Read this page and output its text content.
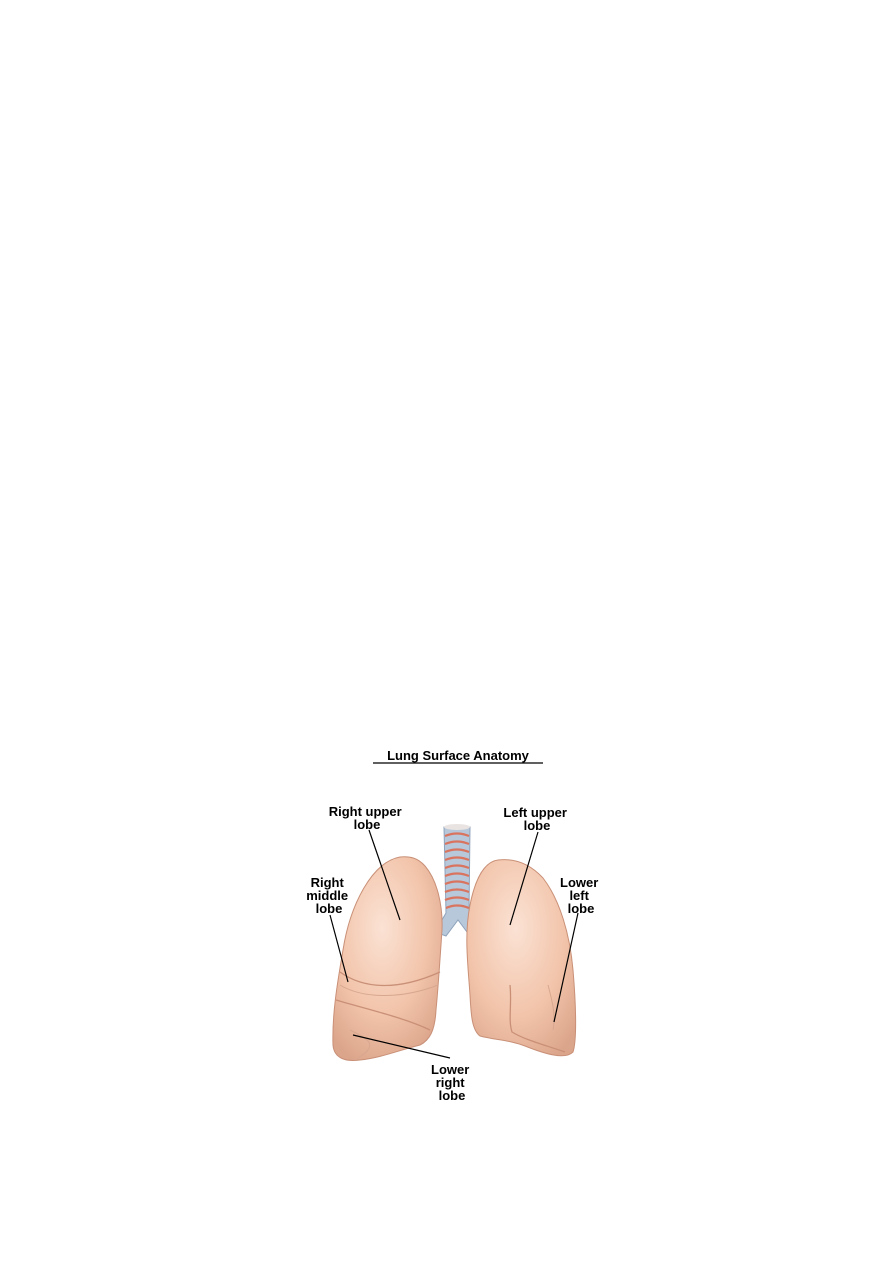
Lung Surface Anatomy
Right upper lobe
Left upper lobe
Right middle lobe
Lower left lobe
Lower right lobe
